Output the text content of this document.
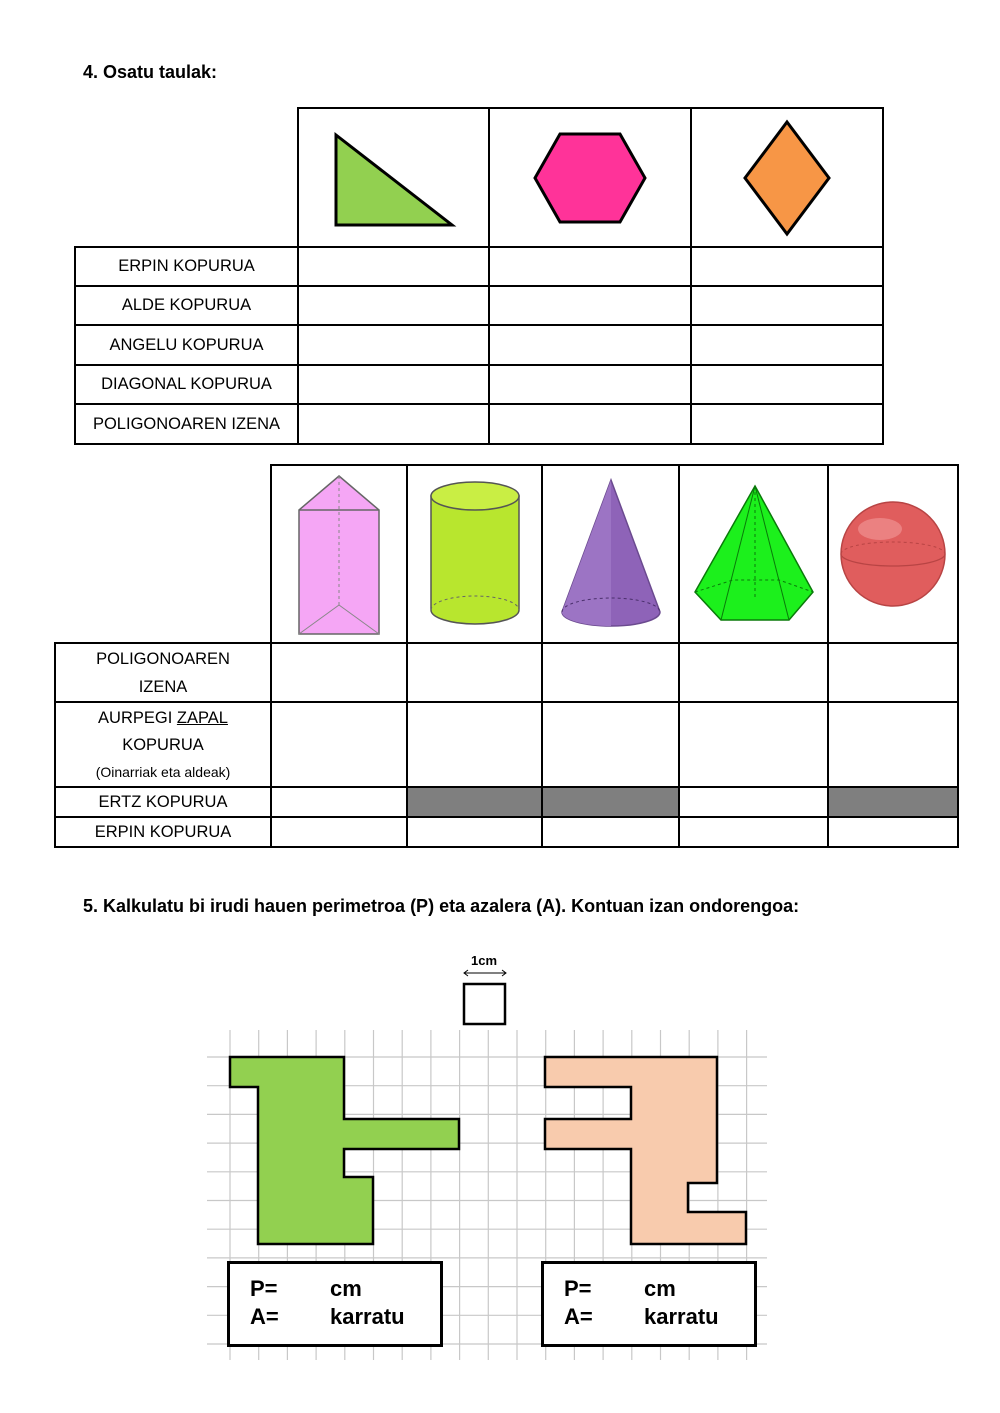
4. Osatu taulak:

ERPIN KOPURUA			
ALDE KOPURUA			
ANGELU KOPURUA			
DIAGONAL KOPURUA			
POLIGONOAREN IZENA			

POLIGONOAREN
IZENA					

AURPEGI ZAPAL
KOPURUA
(Oinarriak eta aldeak)					

ERTZ KOPURUA					
ERPIN KOPURUA					
5. Kalkulatu bi irudi hauen perimetroa (P) eta azalera (A). Kontuan izan ondorengoa:
1cm
P= cm
A= karratu
P= cm
A= karratu
